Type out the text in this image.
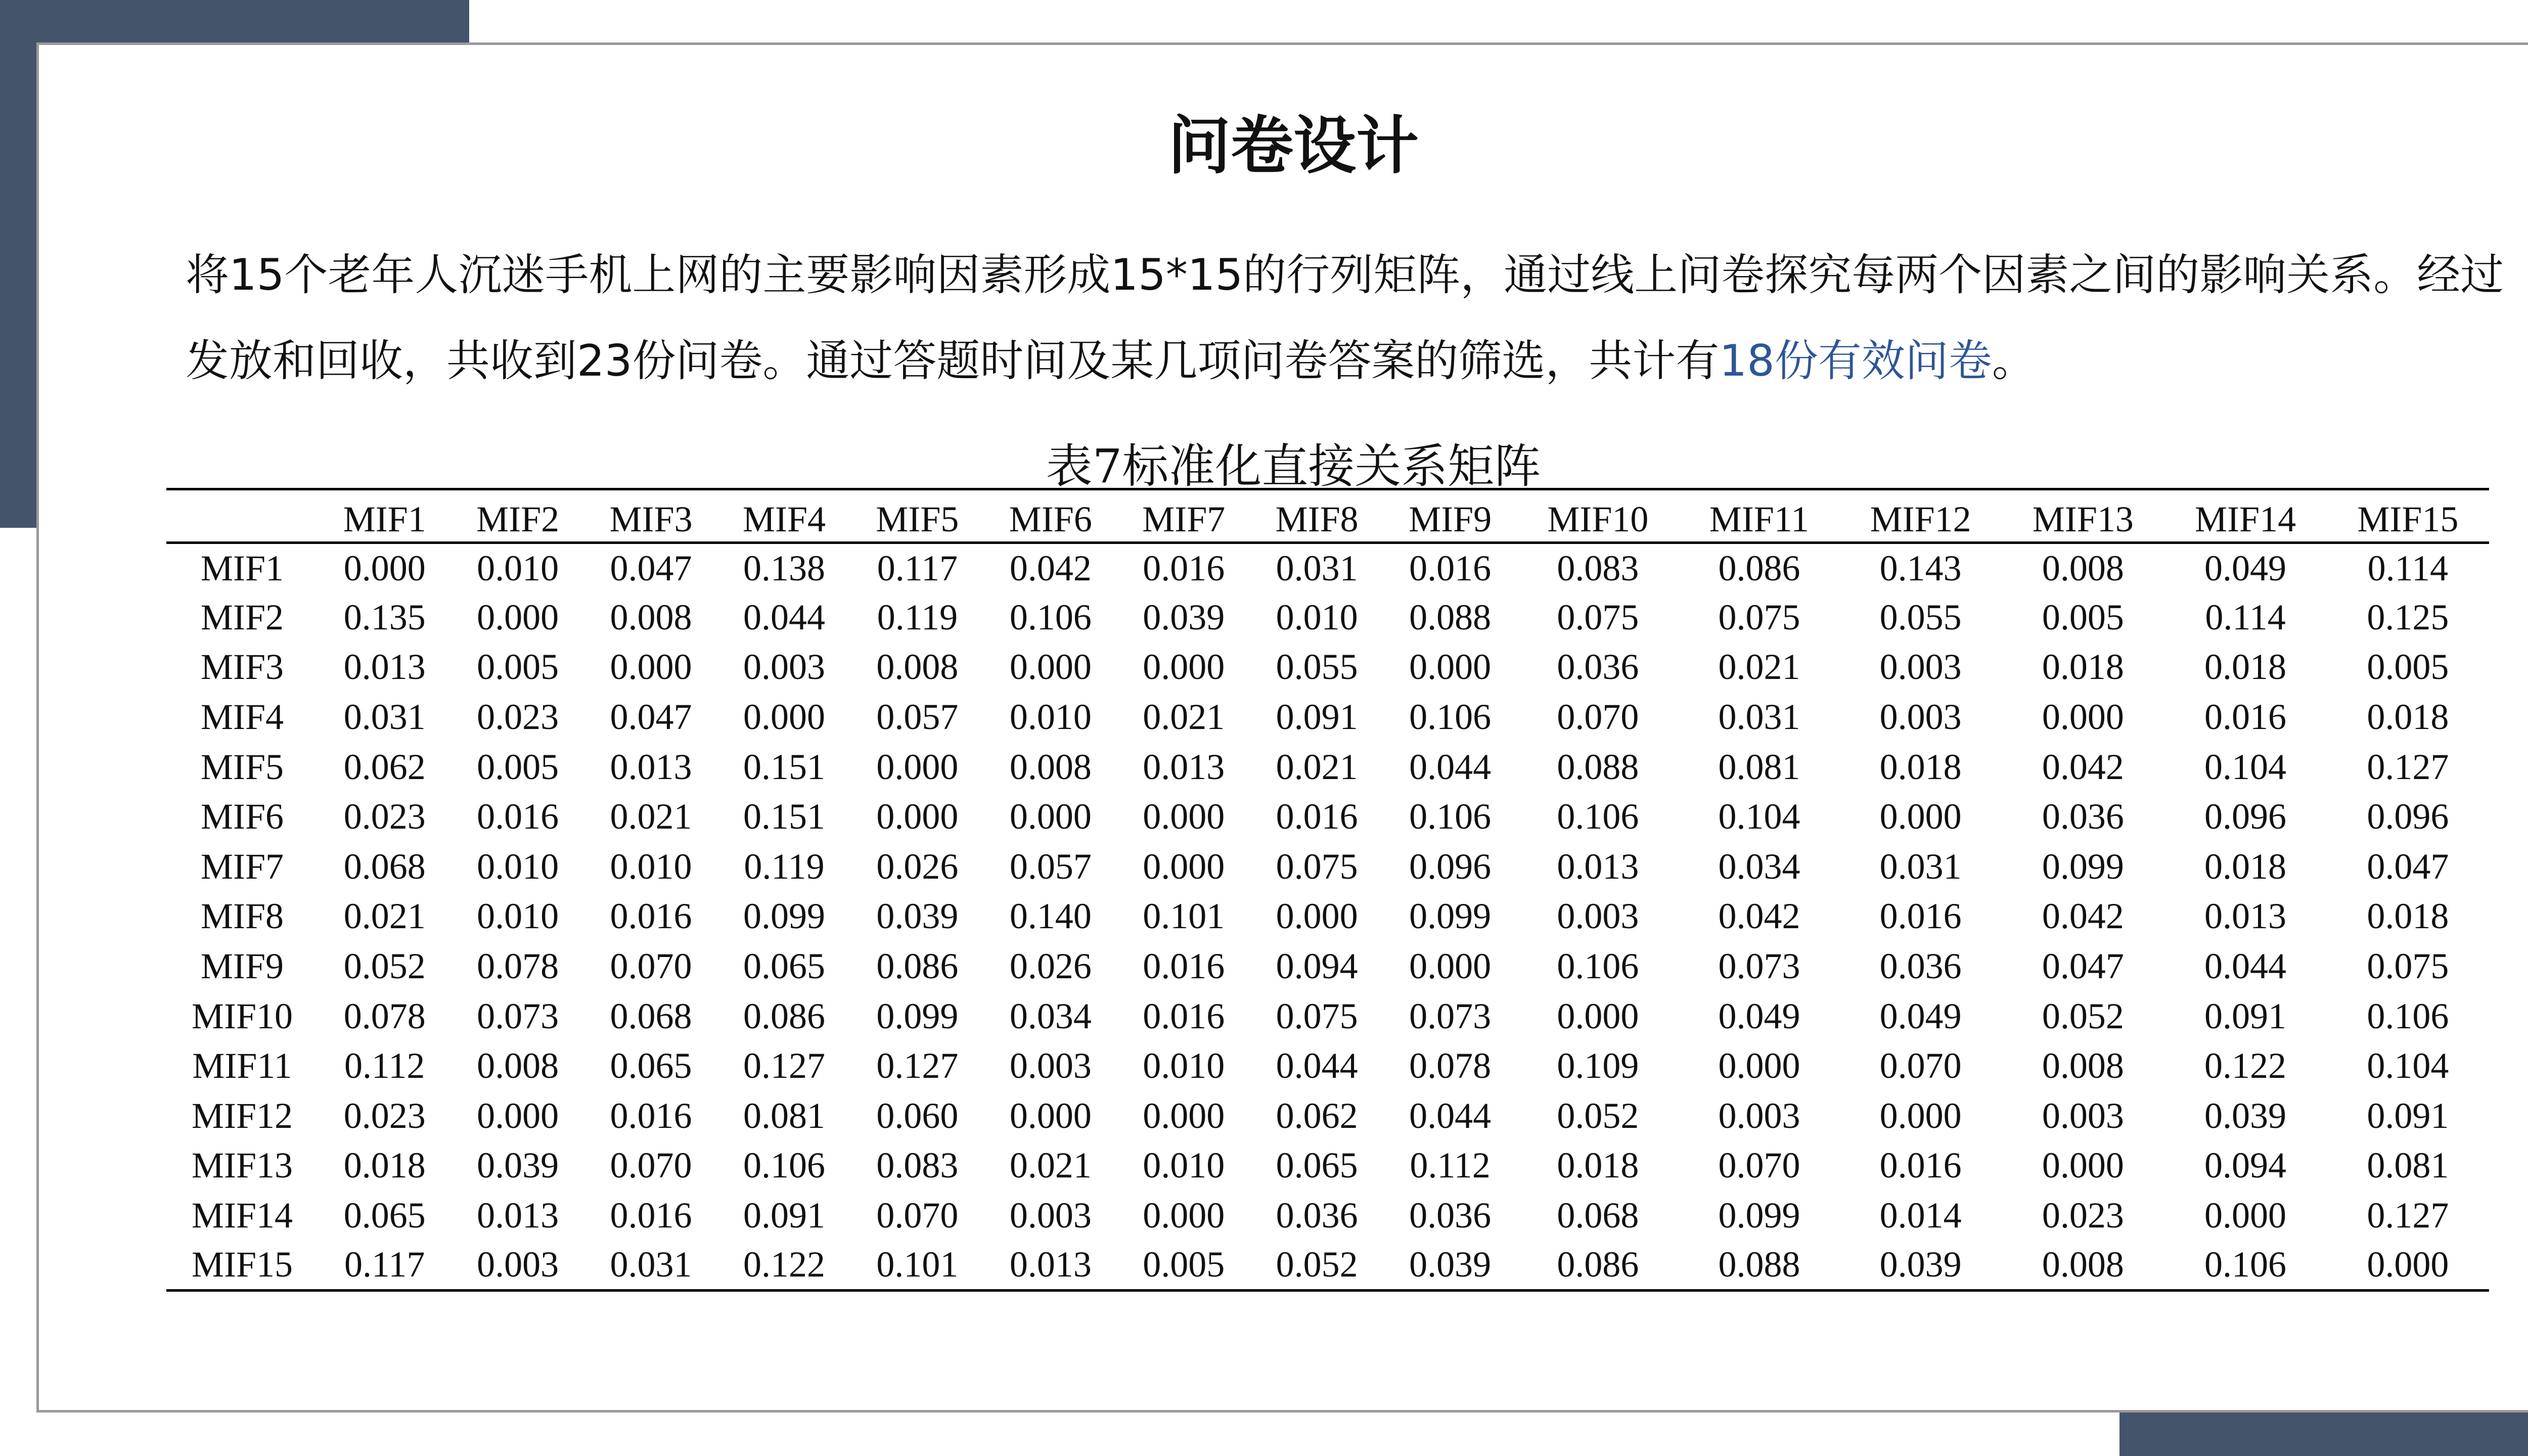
问卷设计
将15个老年人沉迷手机上网的主要影响因素形成15*15的行列矩阵，通过线上问卷探究每两个因素之间的影响关系。经过发放和回收，共收到23份问卷。通过答题时间及某几项问卷答案的筛选，共计有18份有效问卷。
表7标准化直接关系矩阵
	MIF1	MIF2	MIF3	MIF4	MIF5	MIF6	MIF7	MIF8	MIF9	MIF10	MIF11	MIF12	MIF13	MIF14	MIF15
MIF1	0.000	0.010	0.047	0.138	0.117	0.042	0.016	0.031	0.016	0.083	0.086	0.143	0.008	0.049	0.114
MIF2	0.135	0.000	0.008	0.044	0.119	0.106	0.039	0.010	0.088	0.075	0.075	0.055	0.005	0.114	0.125
MIF3	0.013	0.005	0.000	0.003	0.008	0.000	0.000	0.055	0.000	0.036	0.021	0.003	0.018	0.018	0.005
MIF4	0.031	0.023	0.047	0.000	0.057	0.010	0.021	0.091	0.106	0.070	0.031	0.003	0.000	0.016	0.018
MIF5	0.062	0.005	0.013	0.151	0.000	0.008	0.013	0.021	0.044	0.088	0.081	0.018	0.042	0.104	0.127
MIF6	0.023	0.016	0.021	0.151	0.000	0.000	0.000	0.016	0.106	0.106	0.104	0.000	0.036	0.096	0.096
MIF7	0.068	0.010	0.010	0.119	0.026	0.057	0.000	0.075	0.096	0.013	0.034	0.031	0.099	0.018	0.047
MIF8	0.021	0.010	0.016	0.099	0.039	0.140	0.101	0.000	0.099	0.003	0.042	0.016	0.042	0.013	0.018
MIF9	0.052	0.078	0.070	0.065	0.086	0.026	0.016	0.094	0.000	0.106	0.073	0.036	0.047	0.044	0.075
MIF10	0.078	0.073	0.068	0.086	0.099	0.034	0.016	0.075	0.073	0.000	0.049	0.049	0.052	0.091	0.106
MIF11	0.112	0.008	0.065	0.127	0.127	0.003	0.010	0.044	0.078	0.109	0.000	0.070	0.008	0.122	0.104
MIF12	0.023	0.000	0.016	0.081	0.060	0.000	0.000	0.062	0.044	0.052	0.003	0.000	0.003	0.039	0.091
MIF13	0.018	0.039	0.070	0.106	0.083	0.021	0.010	0.065	0.112	0.018	0.070	0.016	0.000	0.094	0.081
MIF14	0.065	0.013	0.016	0.091	0.070	0.003	0.000	0.036	0.036	0.068	0.099	0.014	0.023	0.000	0.127
MIF15	0.117	0.003	0.031	0.122	0.101	0.013	0.005	0.052	0.039	0.086	0.088	0.039	0.008	0.106	0.000
